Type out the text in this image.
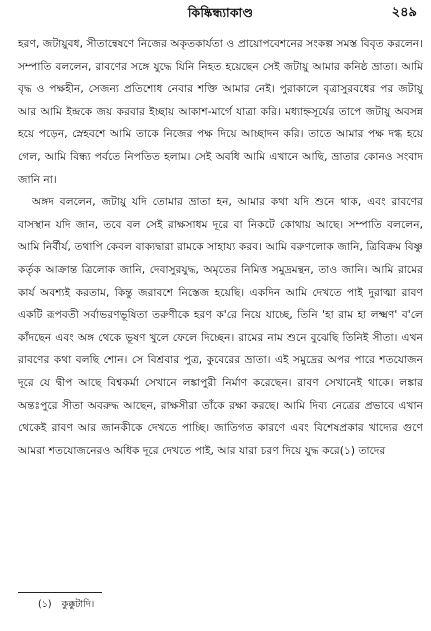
কিষ্কিন্ধ্যাকাণ্ড	২৪৯

হরণ, জটায়ুবধ, সীতান্বেষণে নিজের অকৃতকার্যতা ও প্রায়োপবেশনের সংকল্প সমস্ত বিবৃত করলেন। সম্পাতি বললেন, রাবণের সঙ্গে যুদ্ধে যিনি নিহত হয়েছেন সেই জটায়ু আমার কনিষ্ঠ ভ্রাতা। আমি বৃদ্ধ ও পক্ষহীন, সেজন্য প্রতিশোধ নেবার শক্তি আমার নেই। পুরাকালে বৃত্রাসুরবধের পর জটায়ু আর আমি ইন্দ্রকে জয় করবার ইচ্ছায় আকাশ-মার্গে যাত্রা করি। মধ্যাহ্নসূর্যের তাপে জটায়ু অবসন্ন হয়ে পড়েন, স্নেহবশে আমি তাকে নিজের পক্ষ দিয়ে আচ্ছাদন করি। তাতে আমার পক্ষ দগ্ধ হয়ে গেল, আমি বিন্ধ্য পর্বতে নিপতিত হলাম। সেই অবধি আমি এখানে আছি, ভ্রাতার কোনও সংবাদ জানি না।

অঙ্গদ বললেন, জটায়ু যদি তোমার ভ্রাতা হন, আমার কথা যদি শুনে থাক, এবং রাবণের বাসস্থান যদি জান, তবে বল সেই রাক্ষসাধম দূরে বা নিকটে কোথায় আছে। সম্পাতি বললেন, আমি নির্বীর্য, তথাপি কেবল বাক্যদ্বারা রামকে সাহায্য করব। আমি বরুণলোক জানি, ত্রিবিক্রম বিষ্ণু কর্তৃক আক্রান্ত ত্রিলোক জানি, দেবাসুরযুদ্ধ, অমৃতের নিমিত্ত সমুদ্রমন্থন, তাও জানি। আমি রামের কার্য অবশ্যই করতাম, কিন্তু জরাবশে নিস্তেজ হয়েছি। একদিন আমি দেখতে পাই দুরাত্মা রাবণ একটি রূপবতী সর্বাভরণভূষিতা তরুণীকে হরণ ক'রে নিয়ে যাচ্ছে, তিনি 'হা রাম হা লক্ষ্মণ' ব'লে কাঁদছেন এবং অঙ্গ থেকে ভূষণ খুলে ফেলে দিচ্ছেন। রামের নাম শুনে বুঝেছি তিনিই সীতা। এখন রাবণের কথা বলছি শোন। সে বিশ্রবার পুত্র, কুবেরের ভ্রাতা। এই সমুদ্রের অপর পারে শতযোজন দূরে যে দ্বীপ আছে বিশ্বকর্মা সেখানে লঙ্কাপুরী নির্মাণ করেছেন। রাবণ সেখানেই থাকে। লঙ্কার অন্তঃপুরে সীতা অবরুদ্ধ আছেন, রাক্ষসীরা তাঁকে রক্ষা করছে। আমি দিব্য নেত্রের প্রভাবে এখান থেকেই রাবণ আর জানকীকে দেখতে পাচ্ছি। জাতিগত কারণে এবং বিশেষপ্রকার খাদ্যের গুণে আমরা শতযোজনেরও অধিক দূরে দেখতে পাই, আর যারা চরণ দিয়ে যুদ্ধ করে(১) তাদের

(১) কুক্কুটাদি।
